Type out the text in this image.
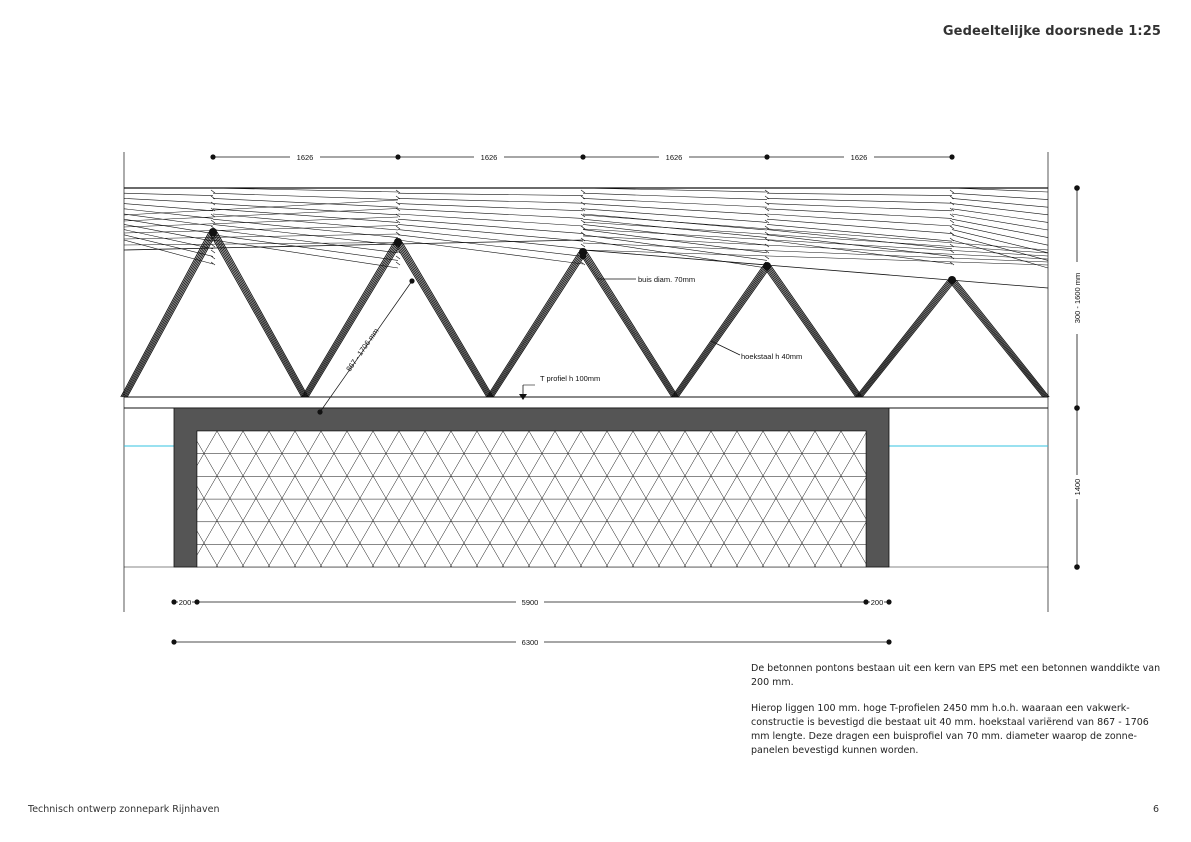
Gedeeltelijke doorsnede 1:25
1626	1626	1626	1626
T profiel h 100mm
buis diam. 70mm
hoekstaal h 40mm
867 - 1706 mm
300 - 1600 mm
1400
200	5900	200
6300

De betonnen pontons bestaan uit een kern van EPS met een betonnen wanddikte van 200 mm.

Hierop liggen 100 mm. hoge T-profielen 2450 mm h.o.h. waaraan een vakwerk-constructie is bevestigd die bestaat uit 40 mm. hoekstaal variërend van 867 - 1706 mm lengte. Deze dragen een buisprofiel van 70 mm. diameter waarop de zonne-panelen bevestigd kunnen worden.

Technisch ontwerp zonnepark Rijnhaven	6
